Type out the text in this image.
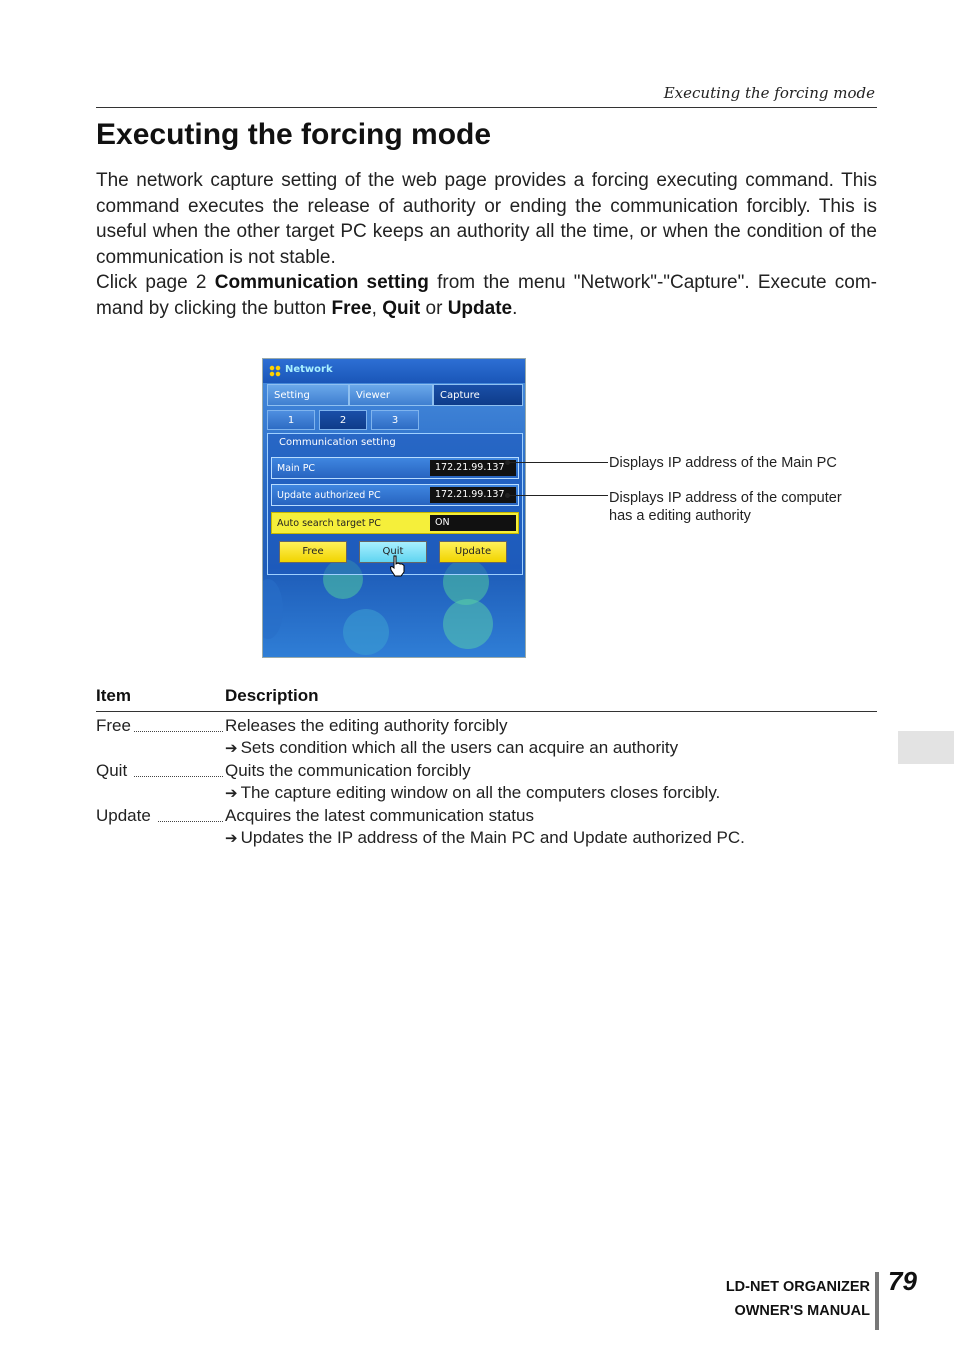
Executing the forcing mode
Executing the forcing mode

The network capture setting of the web page provides a forcing executing command. This command executes the release of authority or ending the communication forcibly. This is useful when the other target PC keeps an authority all the time, or when the condition of the communication is not stable.

Click page 2 Communication setting from the menu "Network"-"Capture". Execute com-mand by clicking the button Free, Quit or Update.

Network
Setting	Viewer	Capture
1	2	3
Communication setting
Main PC	172.21.99.137
Update authorized PC	172.21.99.137
Auto search target PC	ON
Free	Quit	Update
Displays IP address of the Main PC
Displays IP address of the computer
has a editing authority
Item	Description
Free	Releases the editing authority forcibly
➔ Sets condition which all the users can acquire an authority
Quit	Quits the communication forcibly
➔ The capture editing window on all the computers closes forcibly.
Update	Acquires the latest communication status
➔ Updates the IP address of the Main PC and Update authorized PC.
LD-NET ORGANIZER
OWNER'S MANUAL
79
